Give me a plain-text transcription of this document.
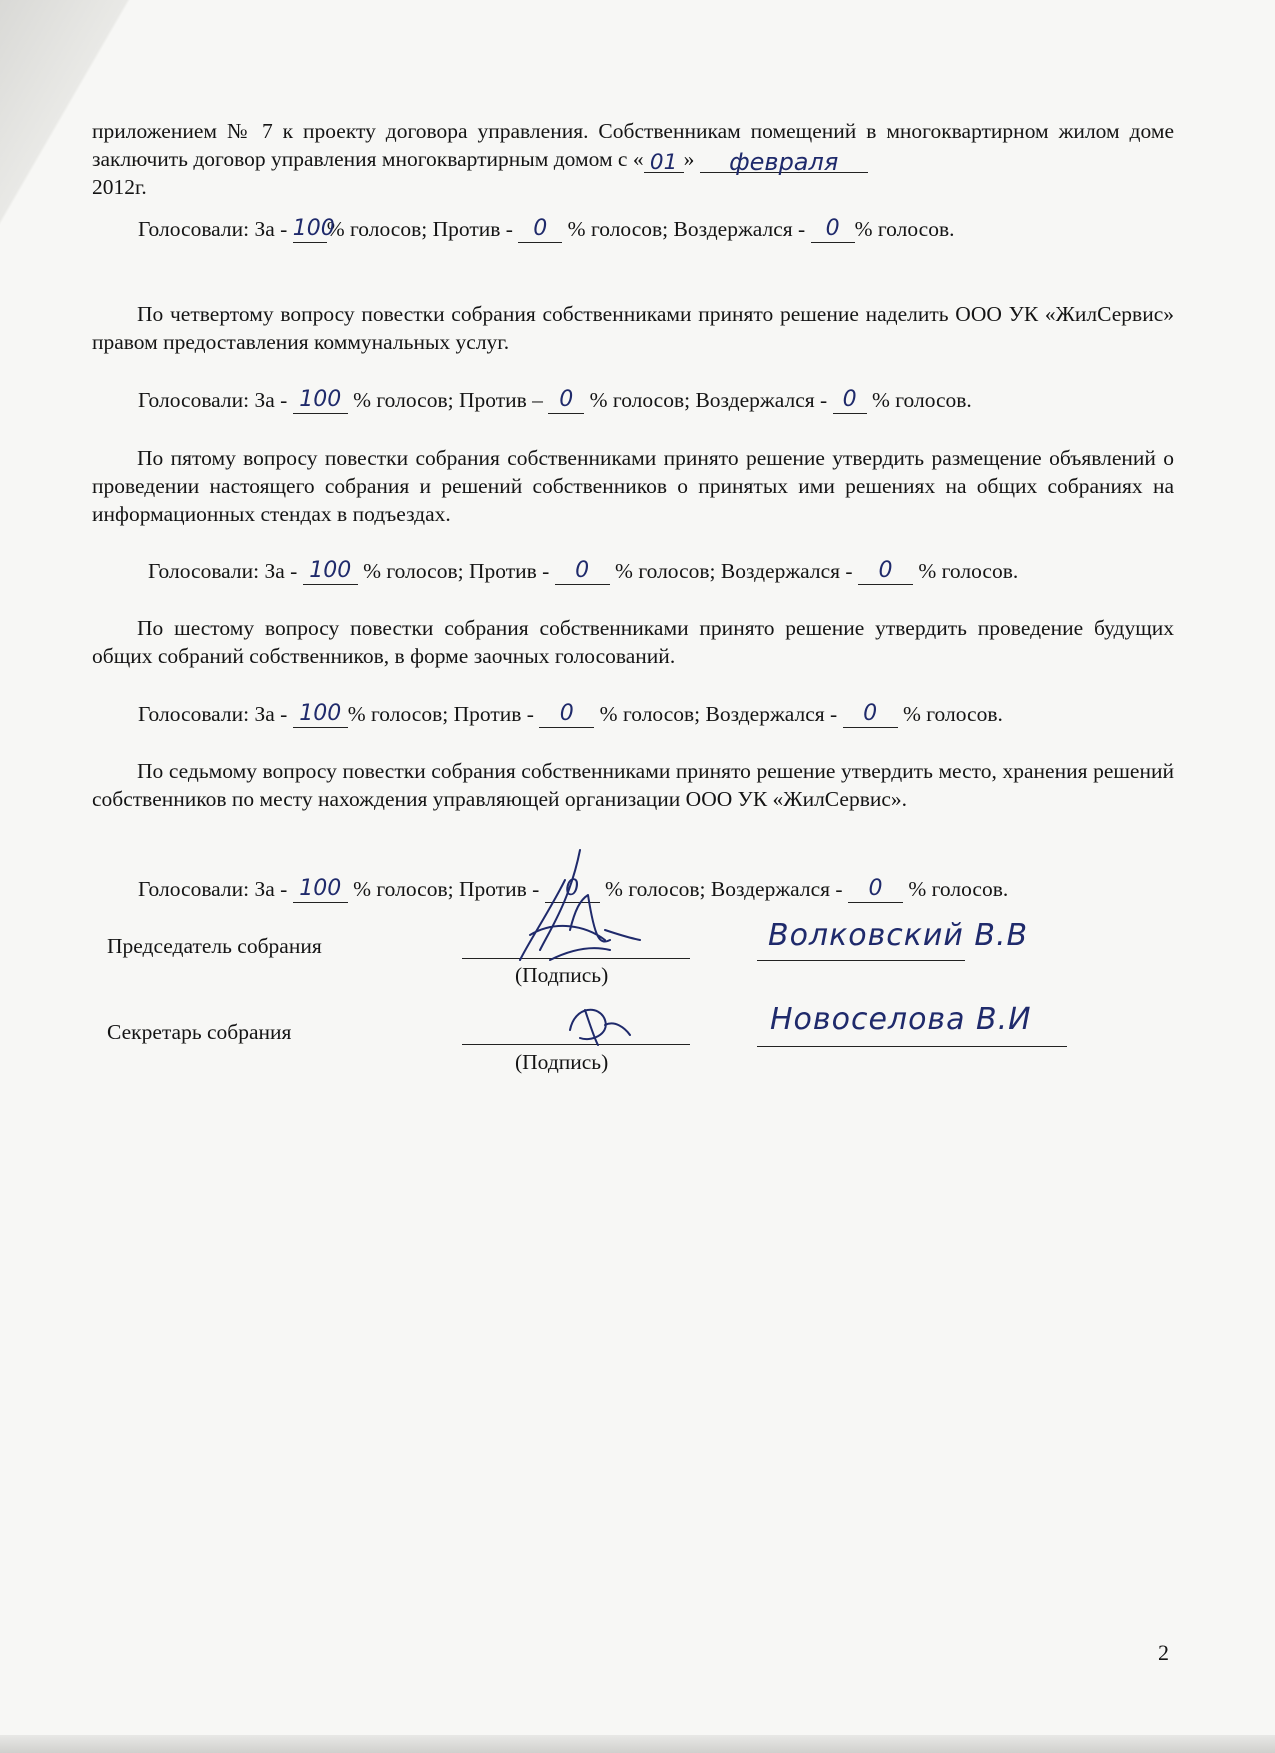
приложением № 7 к проекту договора управления. Собственникам помещений в многоквартирном жилом доме заключить договор управления многоквартирным домом с « 01 » февраля
2012г.
Голосовали: За - 100% голосов; Против - 0 % голосов; Воздержался - 0 % голосов.
По четвертому вопросу повестки собрания собственниками принято решение наделить ООО УК «ЖилСервис» правом предоставления коммунальных услуг.
Голосовали: За - 100 % голосов; Против – 0 % голосов; Воздержался - 0 % голосов.
По пятому вопросу повестки собрания собственниками принято решение утвердить размещение объявлений о проведении настоящего собрания и решений собственников о принятых ими решениях на общих собраниях на информационных стендах в подъездах.
Голосовали: За - 100 % голосов; Против - 0 % голосов; Воздержался - 0 % голосов.
По шестому вопросу повестки собрания собственниками принято решение утвердить проведение будущих общих собраний собственников, в форме заочных голосований.
Голосовали: За - 100 % голосов; Против - 0 % голосов; Воздержался - 0 % голосов.
По седьмому вопросу повестки собрания собственниками принято решение утвердить место, хранения решений собственников по месту нахождения управляющей организации ООО УК «ЖилСервис».
Голосовали: За - 100 % голосов; Против - 0 % голосов; Воздержался - 0 % голосов.
Председатель собрания
(Подпись)
Волковский В.В
Секретарь собрания
(Подпись)
Новоселова В.И
2
